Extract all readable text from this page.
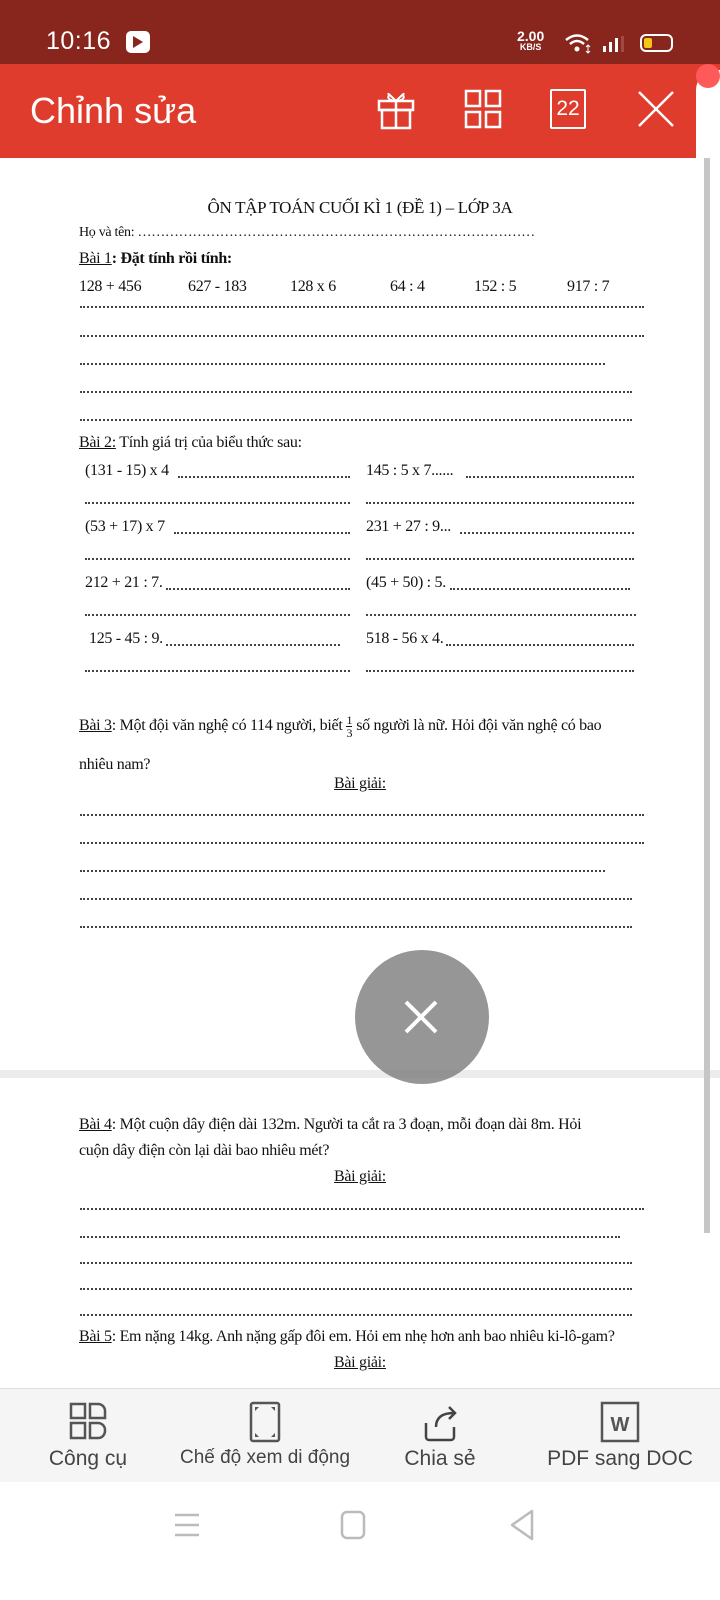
10:16	2.00
KB/S
Chỉnh sửa	22
ÔN TẬP TOÁN CUỐI KÌ 1 (ĐỀ 1) – LỚP 3A
Họ và tên: ……………………………………………………………………………
Bài 1: Đặt tính rồi tính:
128 + 456	627 - 183	128 x 6	64 : 4	152 : 5	917 : 7
Bài 2: Tính giá trị của biểu thức sau:
(131 - 15) x 4	145 : 5 x 7......
(53 + 17) x 7	231 + 27 : 9...
212 + 21 : 7.	(45 + 50) : 5.
125 - 45 : 9.	518 - 56 x 4.
Bài 3: Một đội văn nghệ có 114 người, biết $\frac{1}{3}$ số người là nữ. Hỏi đội văn nghệ có bao
nhiêu nam?
Bài giải:
Bài 4: Một cuộn dây điện dài 132m. Người ta cắt ra 3 đoạn, mỗi đoạn dài 8m. Hỏi
cuộn dây điện còn lại dài bao nhiêu mét?
Bài giải:
Bài 5: Em nặng 14kg. Anh nặng gấp đôi em. Hỏi em nhẹ hơn anh bao nhiêu ki-lô-gam?
Bài giải:
Công cụ	Chế độ xem di động	Chia sẻ
W
PDF sang DOC
